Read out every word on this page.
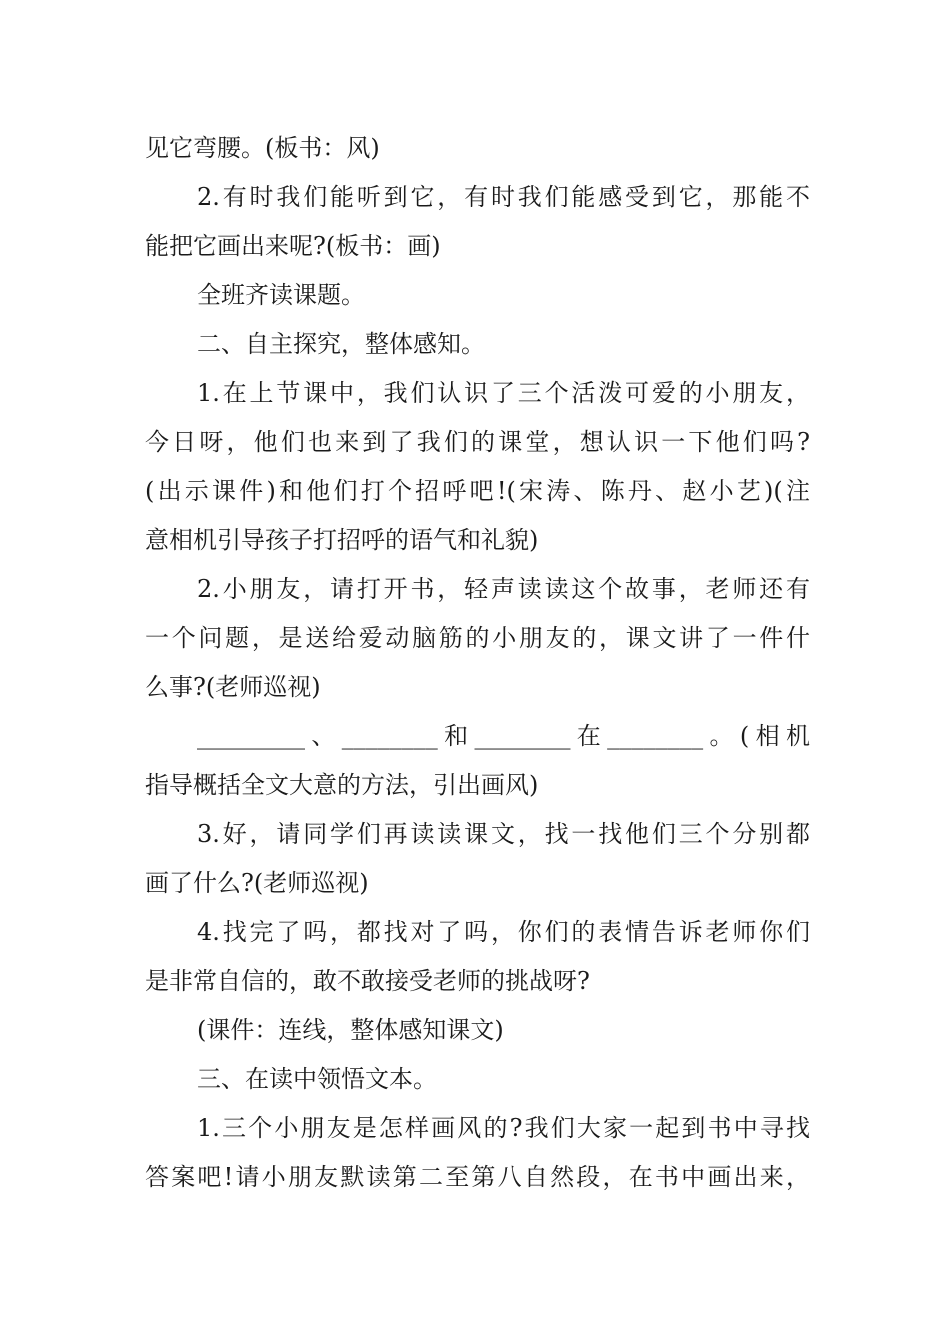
见它弯腰。(板书：风)
2.有时我们能听到它，有时我们能感受到它，那能不
能把它画出来呢?(板书：画)
全班齐读课题。
二、自主探究，整体感知。
1.在上节课中，我们认识了三个活泼可爱的小朋友，
今日呀，他们也来到了我们的课堂，想认识一下他们吗?
(出示课件)和他们打个招呼吧!(宋涛、陈丹、赵小艺)(注
意相机引导孩子打招呼的语气和礼貌)
2.小朋友，请打开书，轻声读读这个故事，老师还有
一个问题，是送给爱动脑筋的小朋友的，课文讲了一件什
么事?(老师巡视)
_________、________和________在________。(相机
指导概括全文大意的方法，引出画风)
3.好，请同学们再读读课文，找一找他们三个分别都
画了什么?(老师巡视)
4.找完了吗，都找对了吗，你们的表情告诉老师你们
是非常自信的，敢不敢接受老师的挑战呀?
(课件：连线，整体感知课文)
三、在读中领悟文本。
1.三个小朋友是怎样画风的?我们大家一起到书中寻找
答案吧!请小朋友默读第二至第八自然段，在书中画出来，
